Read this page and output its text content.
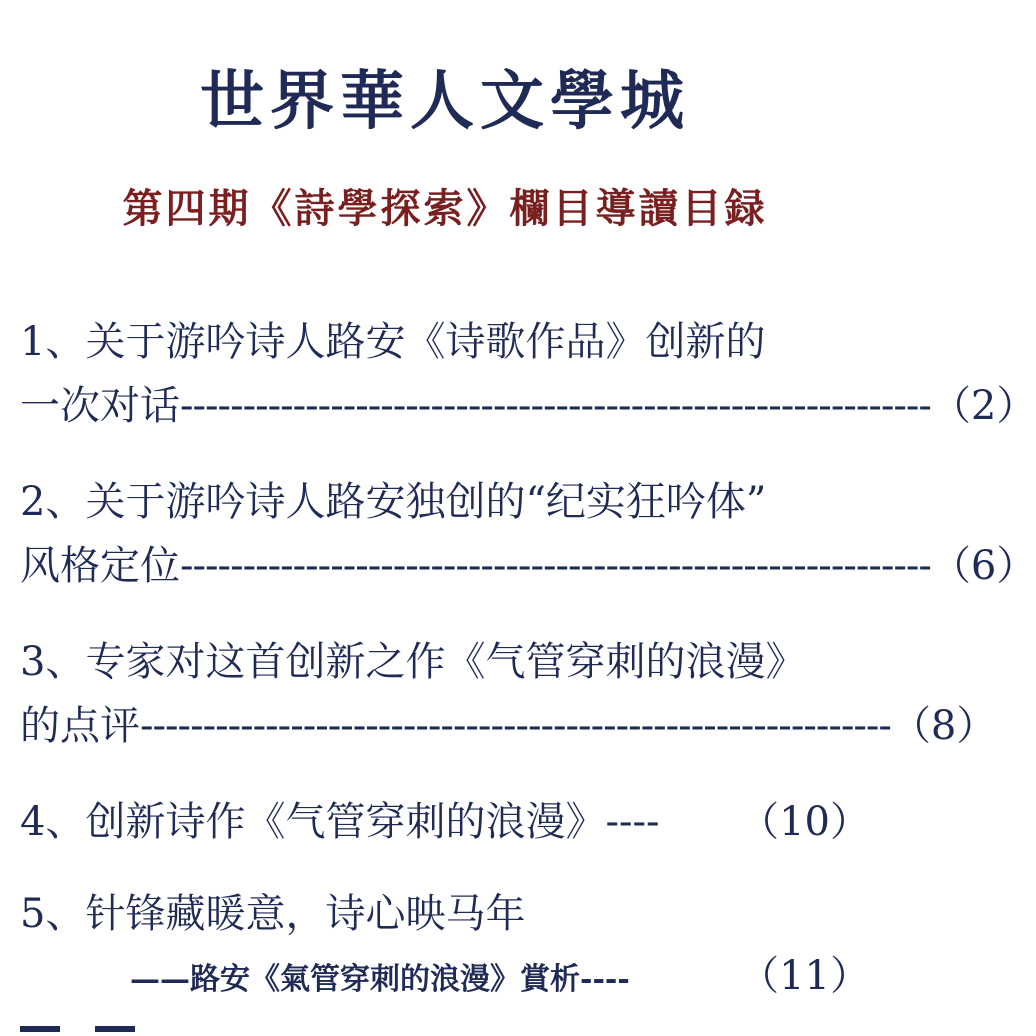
世界華人文學城
第四期《詩學探索》欄目導讀目録
1、关于游吟诗人路安《诗歌作品》创新的
一次对话 ------------------------------------------------------------ （2）
2、关于游吟诗人路安独创的“纪实狂吟体”
风格定位 ------------------------------------------------------------ （6）
3、专家对这首创新之作《气管穿刺的浪漫》
的点评 ------------------------------------------------------------ （8）
4、创新诗作《气管穿刺的浪漫》---- （10）
5、针锋藏暖意，诗心映马年
——路安《氣管穿刺的浪漫》賞析----	（11）
